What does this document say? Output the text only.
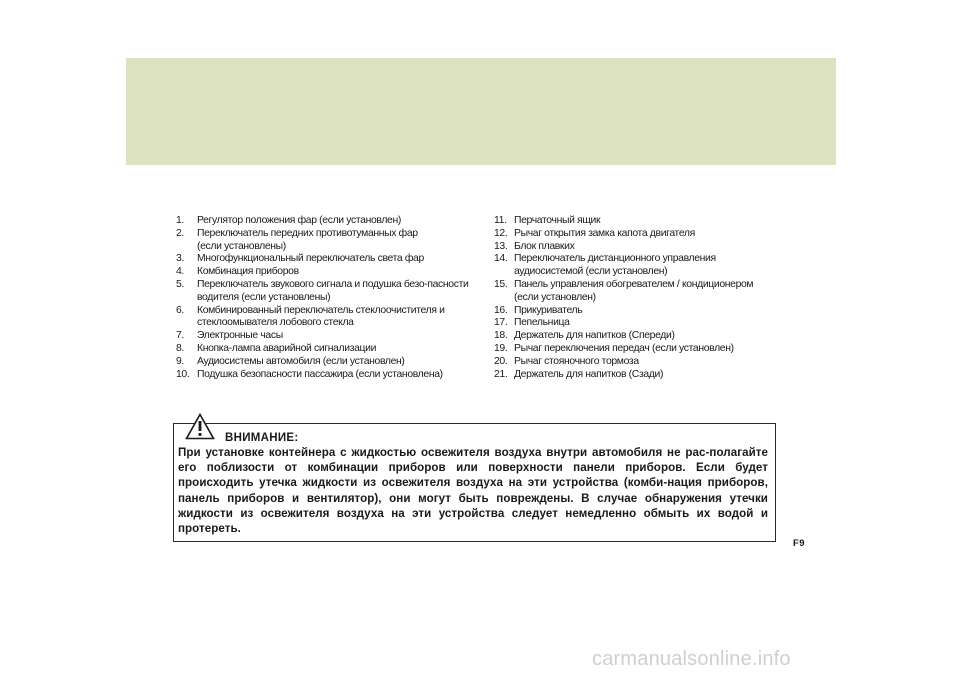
1.	Регулятор положения фар (если установлен)
2.	Переключатель передних противотуманных фар
(если установлены)
3.	Многофункциональный переключатель света фар
4.	Комбинация приборов
5.	Переключатель звукового сигнала и подушка безо-пасности
водителя (если установлены)
6.	Комбинированный переключатель стеклоочистителя и
стеклоомывателя лобового стекла
7.	Электронные часы
8.	Кнопка-лампа аварийной сигнализации
9.	Аудиосистемы автомобиля (если установлен)
10. Подушка безопасности пассажира (если установлена)
11. Перчаточный ящик
12. Рычаг открытия замка капота двигателя
13. Блок плавких
14. Переключатель дистанционного управления
аудиосистемой (если установлен)
15. Панель управления обогревателем / кондиционером
(если установлен)
16. Прикуриватель
17. Пепельница
18. Держатель для напитков (Спереди)
19. Рычаг переключения передач (если установлен)
20. Рычаг стояночного тормоза
21. Держатель для напитков (Сзади)
ВНИМАНИЕ:

При установке контейнера с жидкостью освежителя воздуха внутри автомобиля не рас-полагайте его поблизости от комбинации приборов или поверхности панели приборов. Если будет происходить утечка жидкости из освежителя воздуха на эти устройства (комби-нация приборов, панель приборов и вентилятор), они могут быть повреждены. В случае обнаружения утечки жидкости из освежителя воздуха на эти устройства следует немедленно обмыть их водой и протереть.

F9
carmanualsonline.info
